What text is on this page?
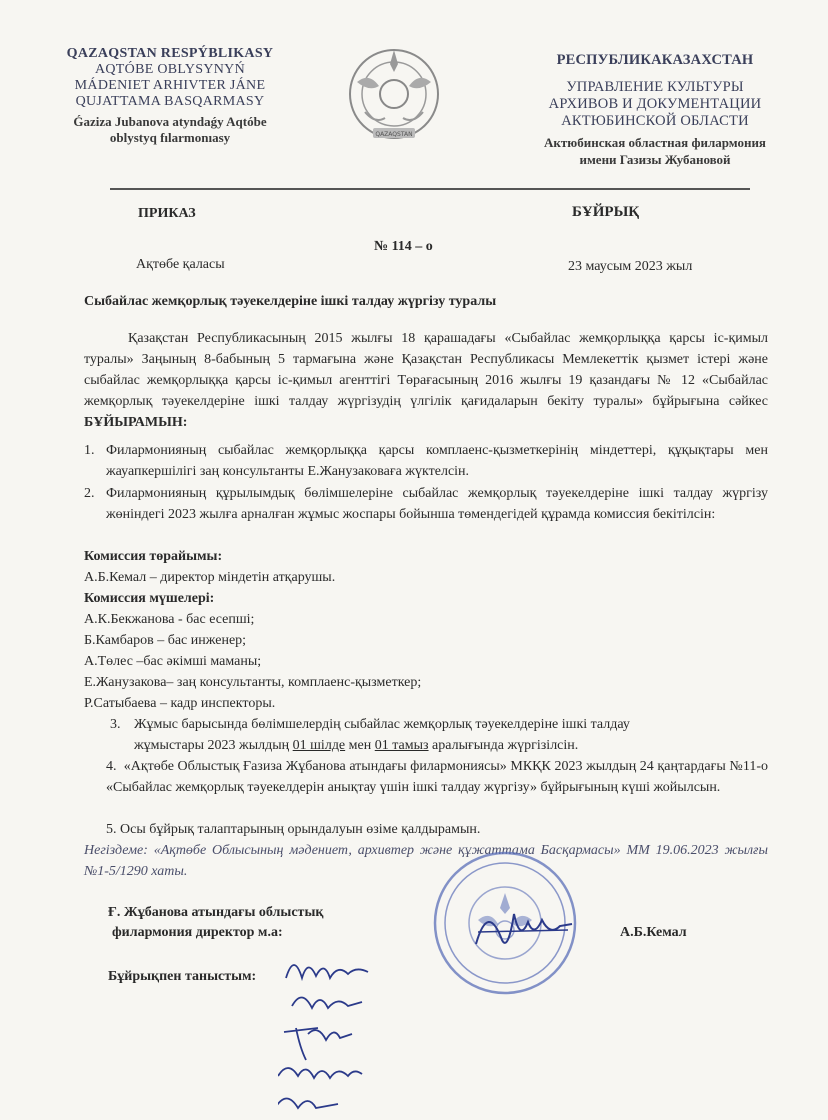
QAZAQSTAN RESPÝBLIKASY
AQTÓBE OBLYSYNYŃ
MÁDENIET ARHIVTER JÁNE
QUJATTAMA BASQARMASY
Ǵaziza Jubanova atyndaǵy Aqtóbe
oblystyq fılarmonıasy	QAZAQSTAN
РЕСПУБЛИКАКАЗАХСТАН
УПРАВЛЕНИЕ КУЛЬТУРЫ
АРХИВОВ И ДОКУМЕНТАЦИИ
АКТЮБИНСКОЙ ОБЛАСТИ
Актюбинская областная филармония
имени Газизы Жубановой
ПРИКАЗ	БҰЙРЫҚ
№ 114 – о
Ақтөбе қаласы	23 маусым 2023 жыл
Сыбайлас жемқорлық тәуекелдеріне ішкі талдау жүргізу туралы
Қазақстан Республикасының 2015 жылғы 18 қарашадағы «Сыбайлас жемқорлыққа қарсы іс-қимыл туралы» Заңының 8-бабының 5 тармағына және Қазақстан Республикасы Мемлекеттік қызмет істері және сыбайлас жемқорлыққа қарсы іс-қимыл агенттігі Төрағасының 2016 жылғы 19 қазандағы № 12 «Сыбайлас жемқорлық тәуекелдеріне ішкі талдау жүргізудің үлгілік қағидаларын бекіту туралы» бұйрығына сәйкес БҰЙЫРАМЫН:
1. Филармонияның сыбайлас жемқорлыққа қарсы комплаенс-қызметкерінің міндеттері, құқықтары мен жауапкершілігі заң консультанты Е.Жанузаковаға жүктелсін.
2. Филармонияның құрылымдық бөлімшелеріне сыбайлас жемқорлық тәуекелдеріне ішкі талдау жүргізу жөніндегі 2023 жылға арналған жұмыс жоспары бойынша төмендегідей құрамда комиссия бекітілсін:
Комиссия төрайымы:
А.Б.Кемал – директор міндетін атқарушы.
Комиссия мүшелері:
А.К.Бекжанова - бас есепші;
Б.Камбаров – бас инженер;
А.Төлес –бас әкімші маманы;
Е.Жанузакова– заң консультанты, комплаенс-қызметкер;
Р.Сатыбаева – кадр инспекторы.
3. Жұмыс барысында бөлімшелердің сыбайлас жемқорлық тәуекелдеріне ішкі талдау
жұмыстары 2023 жылдың 01 шілде мен 01 тамыз аралығында жүргізілсін.
4. «Ақтөбе Облыстық Ғазиза Жұбанова атындағы филармониясы» МКҚК 2023 жылдың 24 қаңтардағы №11-о «Сыбайлас жемқорлық тәуекелдерін анықтау үшін ішкі талдау жүргізу» бұйрығының күші жойылсын.
5. Осы бұйрық талаптарының орындалуын өзіме қалдырамын.
Негіздеме: «Ақтөбе Облысының мәдениет, архивтер және құжаттама Басқармасы» ММ 19.06.2023 жылғы №1-5/1290 хаты.
Ғ. Жұбанова атындағы облыстық
филармония директор м.а:	А.Б.Кемал
Бұйрықпен таныстым:
